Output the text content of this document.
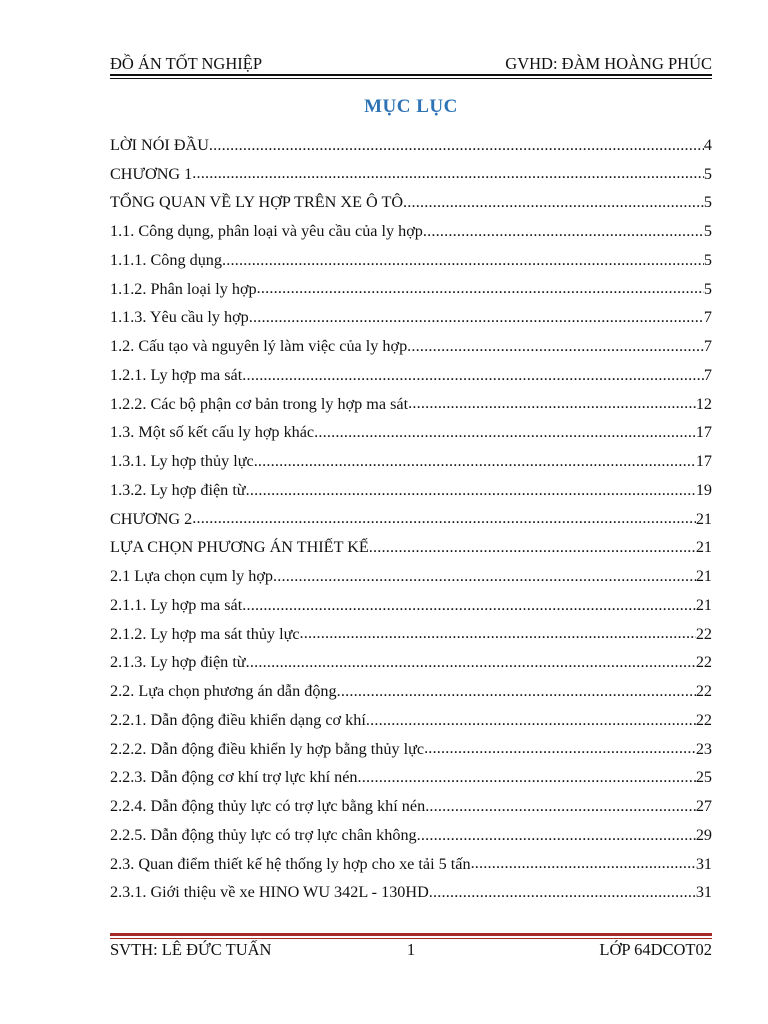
ĐỒ ÁN TỐT NGHIỆP	GVHD: ĐÀM HOÀNG PHÚC
MỤC LỤC
LỜI NÓI ĐẦU .....	4
CHƯƠNG 1 .....	5
TỔNG QUAN VỀ LY HỢP TRÊN XE Ô TÔ .....	5
1.1. Công dụng, phân loại và yêu cầu của ly hợp .....	5
1.1.1. Công dụng .....	5
1.1.2. Phân loại ly hợp .....	5
1.1.3. Yêu cầu ly hợp .....	7
1.2. Cấu tạo và nguyên lý làm việc của ly hợp .....	7
1.2.1. Ly hợp ma sát .....	7
1.2.2. Các bộ phận cơ bản trong ly hợp ma sát .....	12
1.3. Một số kết cấu ly hợp khác .....	17
1.3.1. Ly hợp thủy lực .....	17
1.3.2. Ly hợp điện từ .....	19
CHƯƠNG 2 .....	21
LỰA CHỌN PHƯƠNG ÁN THIẾT KẾ .....	21
2.1 Lựa chọn cụm ly hợp .....	21
2.1.1. Ly hợp ma sát .....	21
2.1.2. Ly hợp ma sát thủy lực .....	22
2.1.3. Ly hợp điện từ .....	22
2.2. Lựa chọn phương án dẫn động .....	22
2.2.1. Dẫn động điều khiển dạng cơ khí .....	22
2.2.2. Dẫn động điều khiển ly hợp bằng thủy lực .....	23
2.2.3. Dẫn động cơ khí trợ lực khí nén .....	25
2.2.4. Dẫn động thủy lực có trợ lực bằng khí nén .....	27
2.2.5. Dẫn động thủy lực có trợ lực chân không .....	29
2.3. Quan điểm thiết kế hệ thống ly hợp cho xe tải 5 tấn .....	31
2.3.1. Giới thiệu về xe HINO WU 342L - 130HD .....	31
SVTH: LÊ ĐỨC TUẤN	1	LỚP 64DCOT02
